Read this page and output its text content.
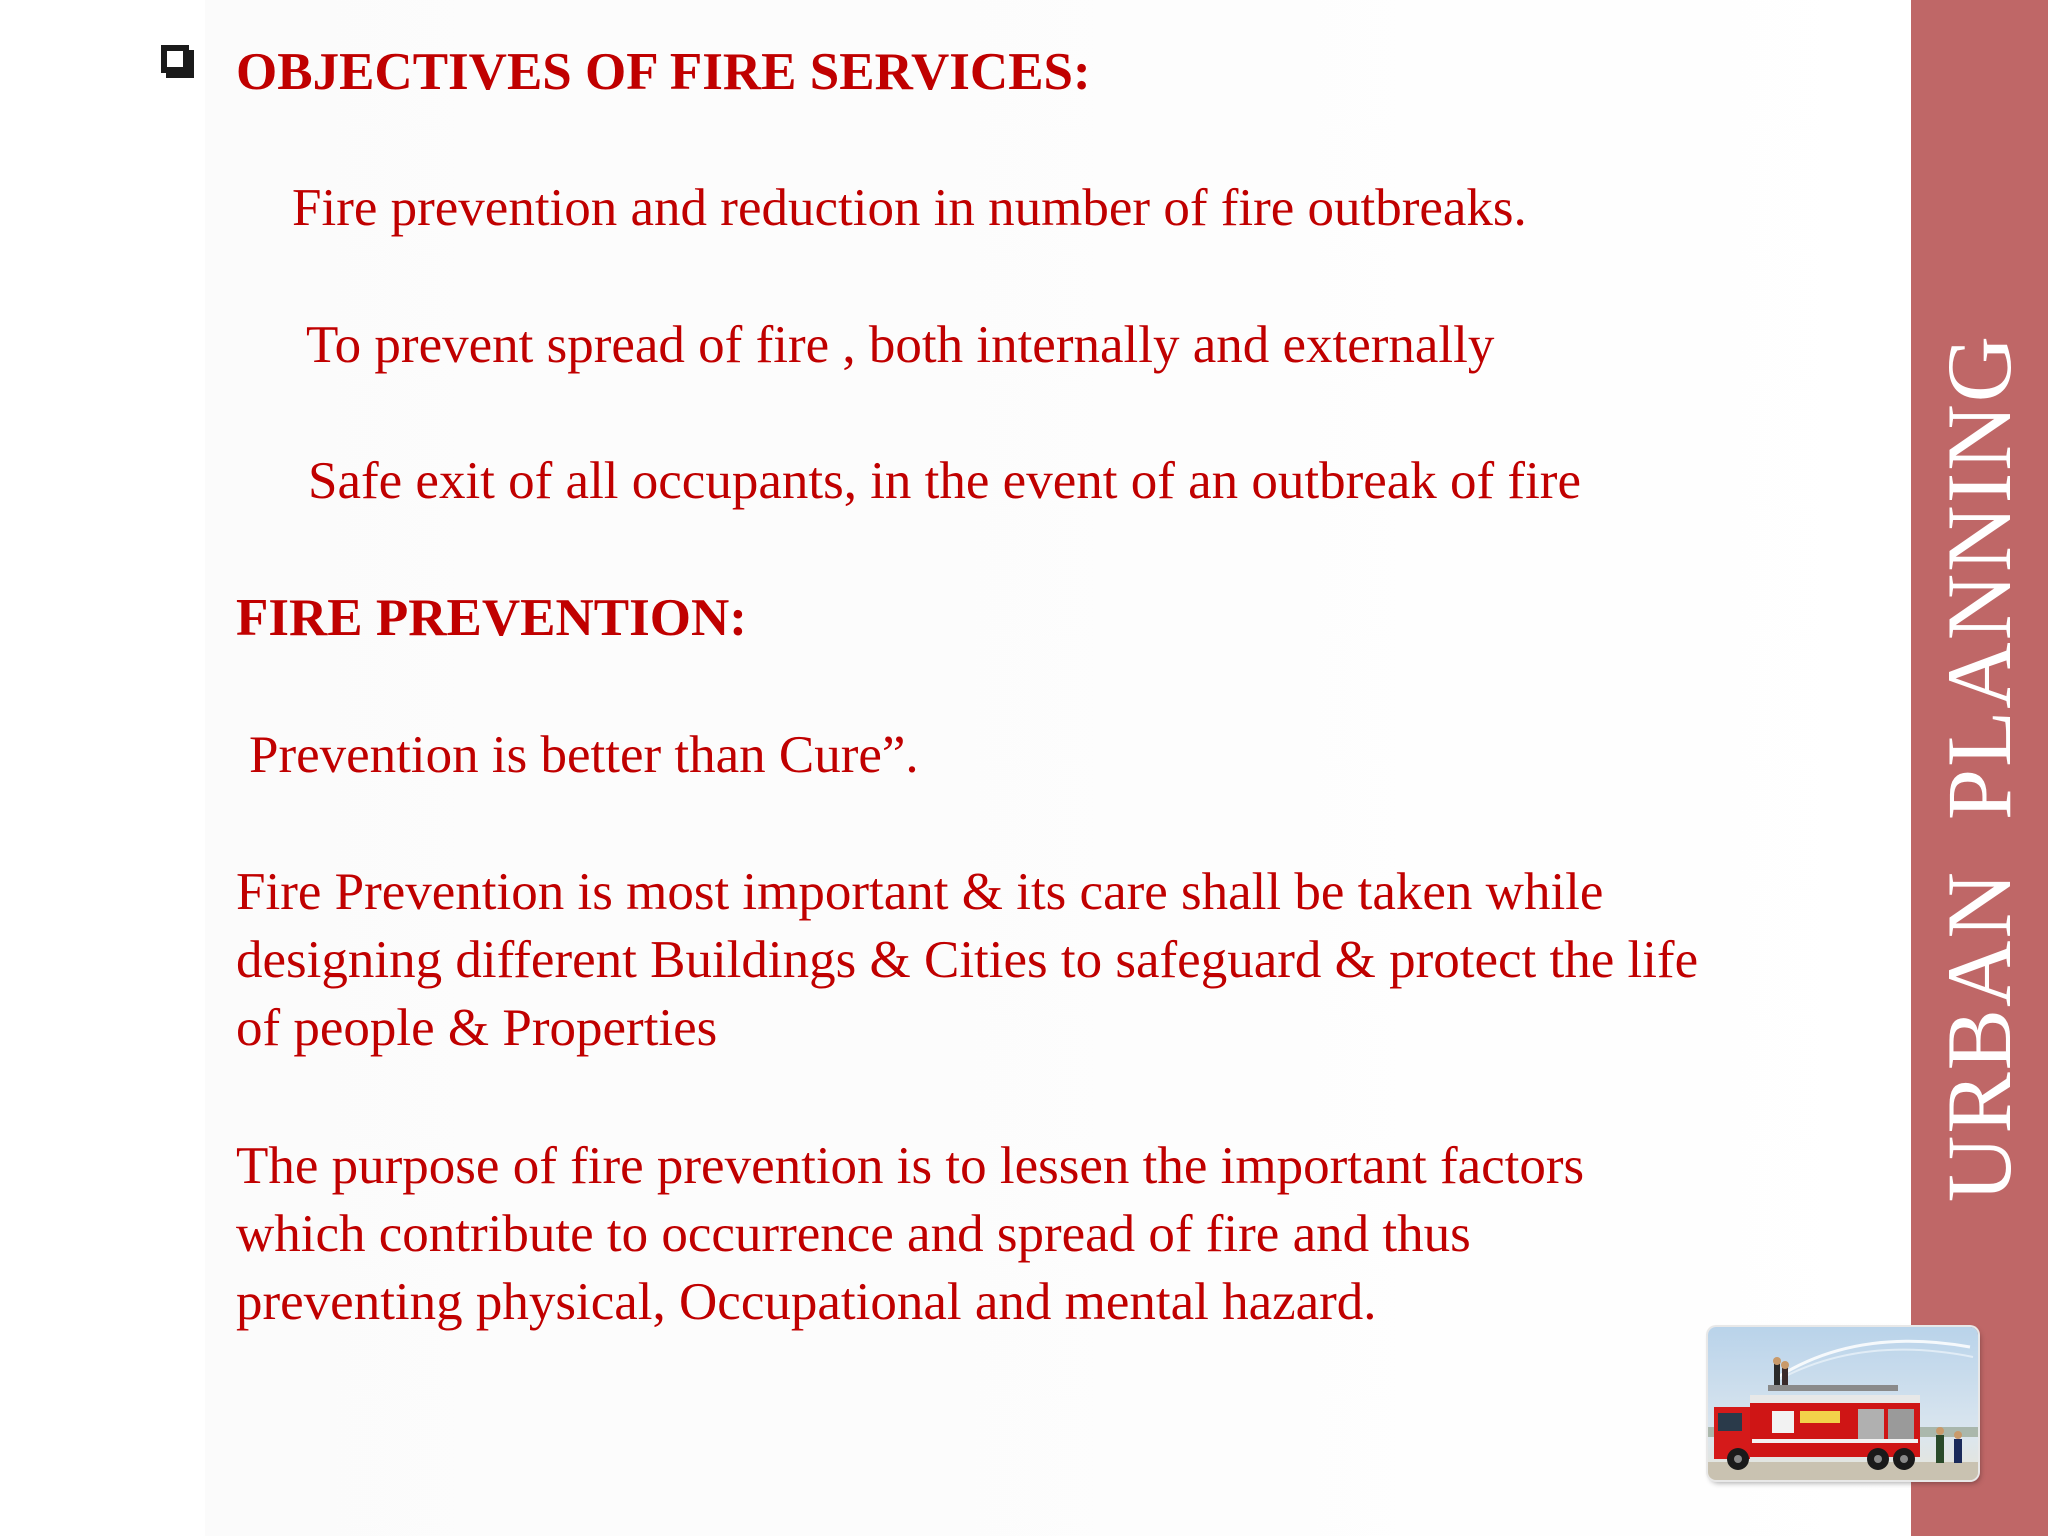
URBAN  PLANNING

OBJECTIVES OF FIRE SERVICES:

Fire prevention and reduction in number of fire outbreaks.

To prevent spread of fire , both internally and externally

Safe exit of all occupants, in the event of an outbreak of fire

FIRE PREVENTION:

Prevention is better than Cure”.

Fire Prevention is most important & its care shall be taken while
designing different Buildings & Cities to safeguard & protect the life
of people & Properties

The purpose of fire prevention is to lessen the important factors
which contribute to occurrence and spread of fire and thus
preventing physical, Occupational and mental hazard.
